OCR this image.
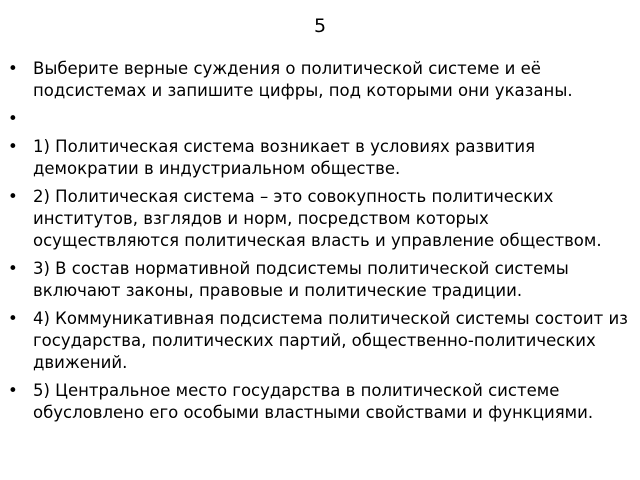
5
• Выберите верные суждения о политической системе и её подсистемах и запишите цифры, под которыми они указаны.
•
• 1) Политическая система возникает в условиях развития демократии в индустриальном обществе.
• 2) Политическая система – это совокупность политических институтов, взглядов и норм, посредством которых осуществляются политическая власть и управление обществом.
• 3) В состав нормативной подсистемы политической системы включают законы, правовые и политические традиции.
• 4) Коммуникативная подсистема политической системы состоит из государства, политических партий, общественно-политических движений.
• 5) Центральное место государства в политической системе обусловлено его особыми властными свойствами и функциями.
